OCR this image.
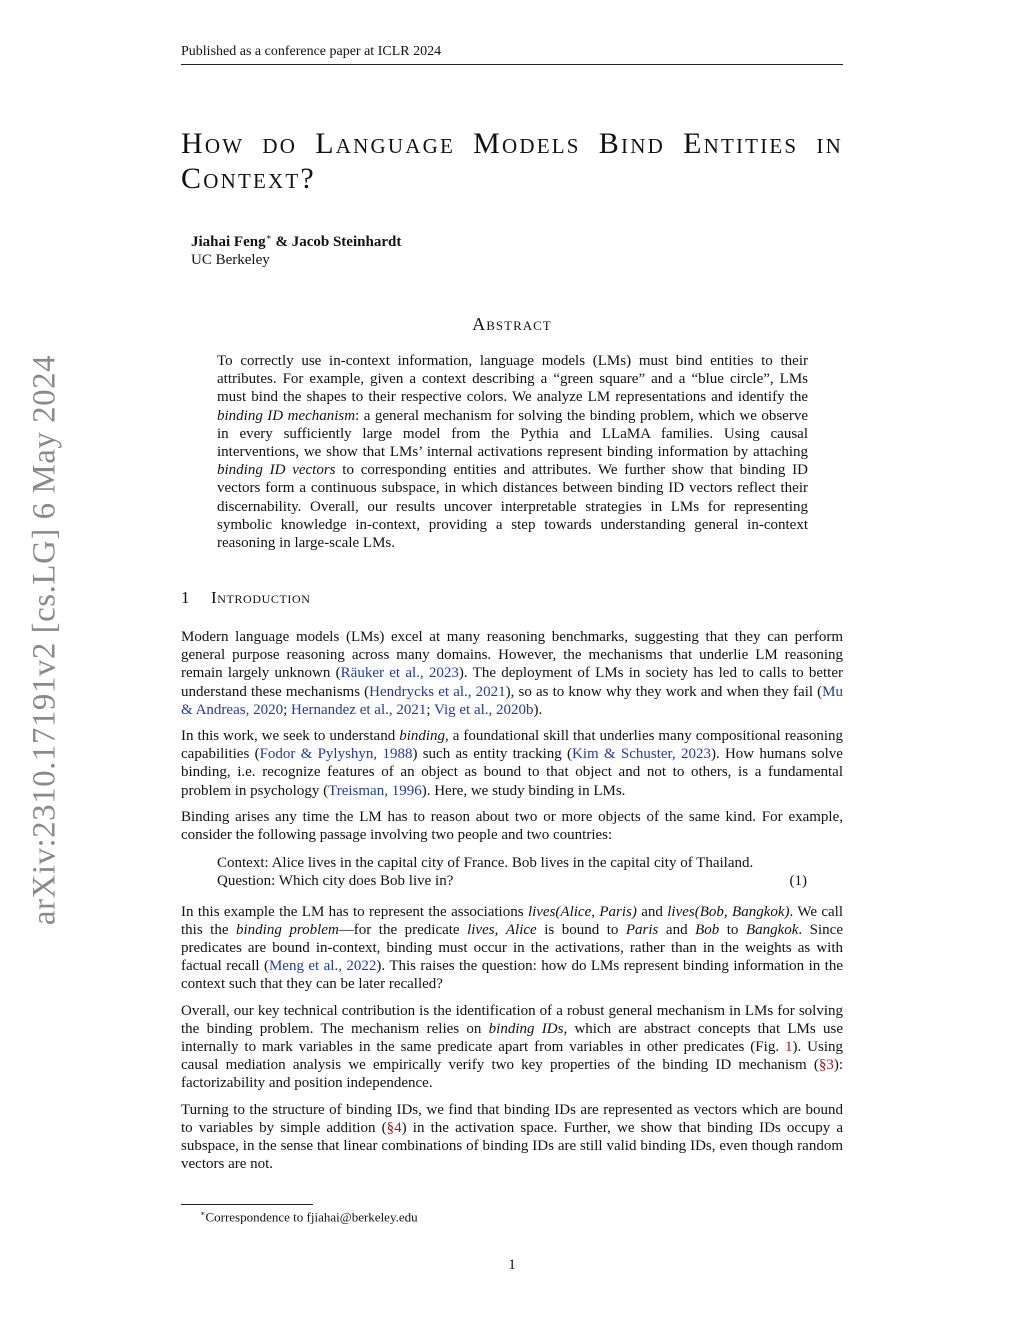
Published as a conference paper at ICLR 2024
arXiv:2310.17191v2 [cs.LG] 6 May 2024
How do Language Models Bind Entities in Context?
Jiahai Feng∗ & Jacob Steinhardt
UC Berkeley
Abstract

To correctly use in-context information, language models (LMs) must bind entities to their attributes. For example, given a context describing a “green square” and a “blue circle”, LMs must bind the shapes to their respective colors. We analyze LM representations and identify the binding ID mechanism: a general mechanism for solving the binding problem, which we observe in every sufficiently large model from the Pythia and LLaMA families. Using causal interventions, we show that LMs’ internal activations represent binding information by attaching binding ID vectors to corresponding entities and attributes. We further show that binding ID vectors form a continuous subspace, in which distances between binding ID vectors reflect their discernability. Overall, our results uncover interpretable strategies in LMs for representing symbolic knowledge in-context, providing a step towards understanding general in-context reasoning in large-scale LMs.

1 Introduction

Modern language models (LMs) excel at many reasoning benchmarks, suggesting that they can perform general purpose reasoning across many domains. However, the mechanisms that underlie LM reasoning remain largely unknown (Räuker et al., 2023). The deployment of LMs in society has led to calls to better understand these mechanisms (Hendrycks et al., 2021), so as to know why they work and when they fail (Mu & Andreas, 2020; Hernandez et al., 2021; Vig et al., 2020b).

In this work, we seek to understand binding, a foundational skill that underlies many compositional reasoning capabilities (Fodor & Pylyshyn, 1988) such as entity tracking (Kim & Schuster, 2023). How humans solve binding, i.e. recognize features of an object as bound to that object and not to others, is a fundamental problem in psychology (Treisman, 1996). Here, we study binding in LMs.

Binding arises any time the LM has to reason about two or more objects of the same kind. For example, consider the following passage involving two people and two countries:

Context: Alice lives in the capital city of France. Bob lives in the capital city of Thailand.
Question: Which city does Bob live in?	(1)

In this example the LM has to represent the associations lives(Alice, Paris) and lives(Bob, Bangkok). We call this the binding problem—for the predicate lives, Alice is bound to Paris and Bob to Bangkok. Since predicates are bound in-context, binding must occur in the activations, rather than in the weights as with factual recall (Meng et al., 2022). This raises the question: how do LMs represent binding information in the context such that they can be later recalled?

Overall, our key technical contribution is the identification of a robust general mechanism in LMs for solving the binding problem. The mechanism relies on binding IDs, which are abstract concepts that LMs use internally to mark variables in the same predicate apart from variables in other predicates (Fig. 1). Using causal mediation analysis we empirically verify two key properties of the binding ID mechanism (§3): factorizability and position independence.

Turning to the structure of binding IDs, we find that binding IDs are represented as vectors which are bound to variables by simple addition (§4) in the activation space. Further, we show that binding IDs occupy a subspace, in the sense that linear combinations of binding IDs are still valid binding IDs, even though random vectors are not.

∗Correspondence to fjiahai@berkeley.edu
1
